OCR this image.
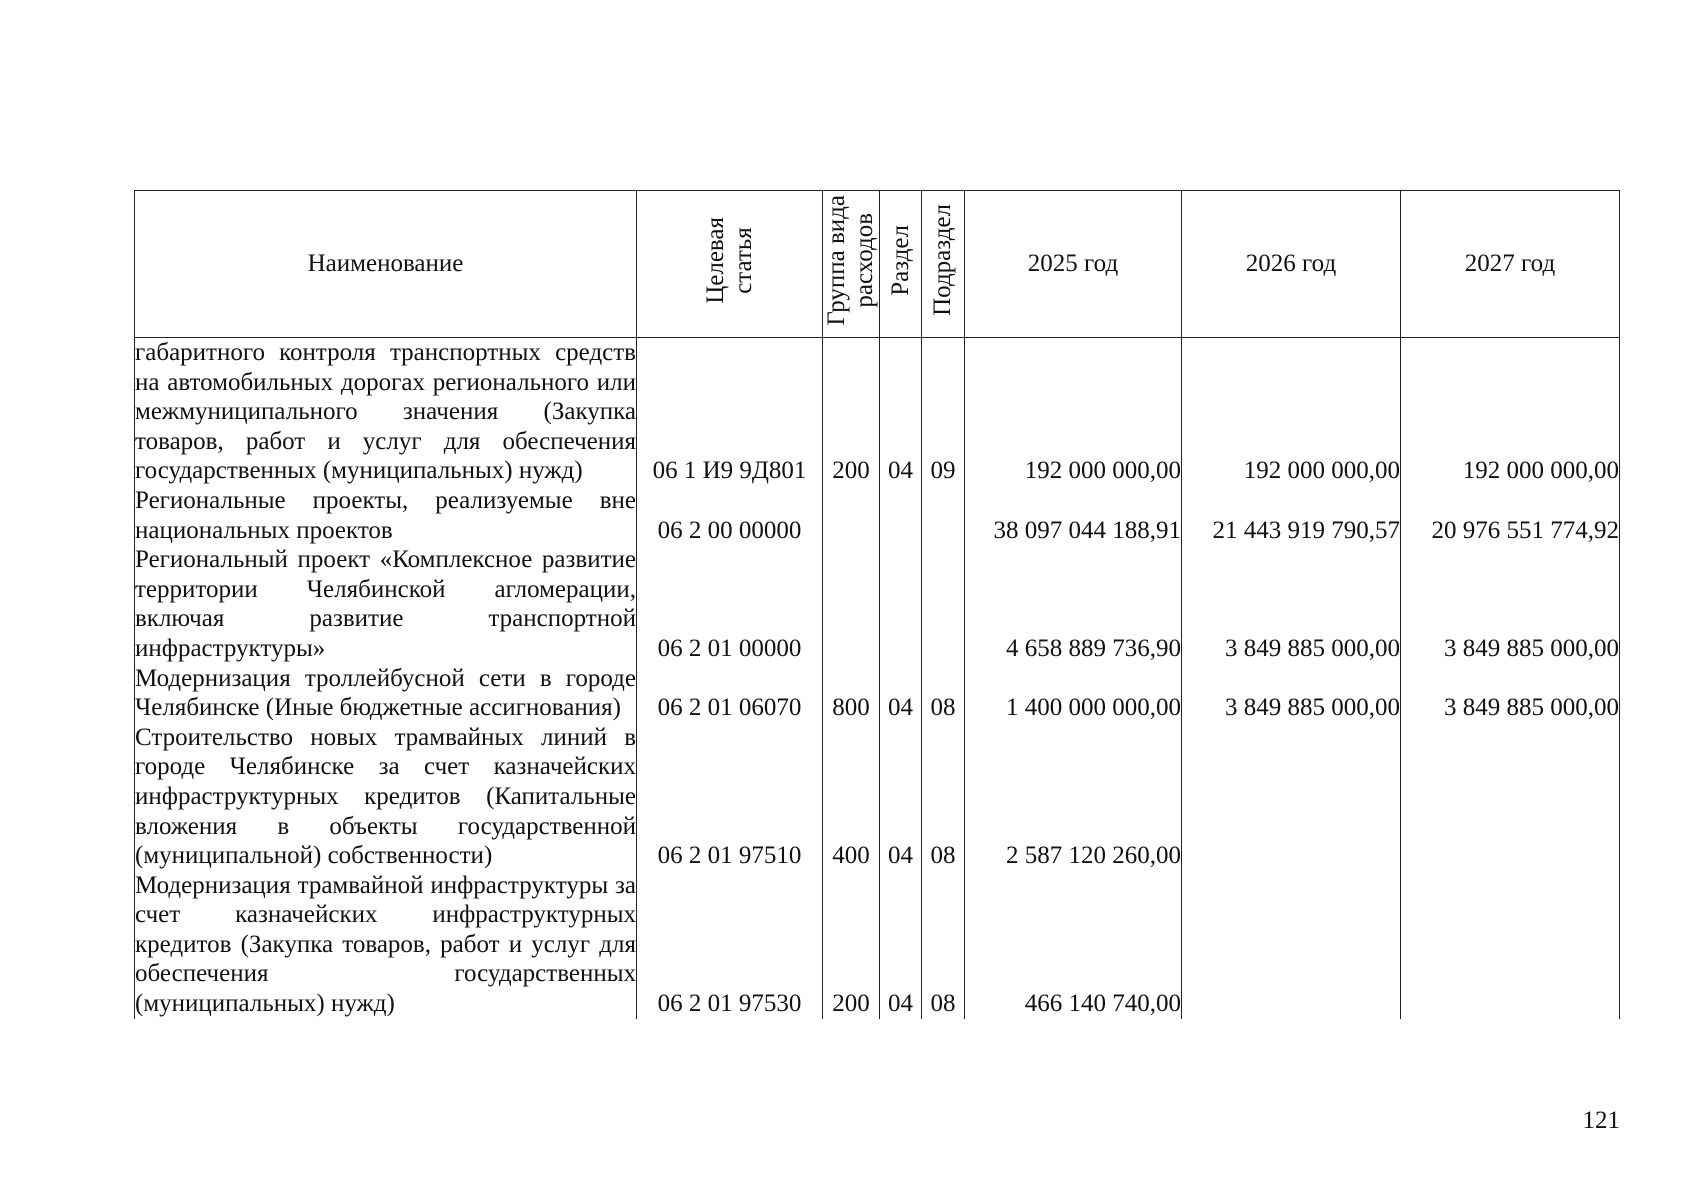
Наименование	Целевая статья	Группа вида расходов	Раздел	Подраздел	2025 год	2026 год	2027 год
габаритного контроля транспортных средств на автомобильных дорогах регионального или межмуниципального значения (Закупка товаров, работ и услуг для обеспечения государственных (муниципальных) нужд)	06 1 И9 9Д801	200	04	09	192 000 000,00	192 000 000,00	192 000 000,00
Региональные проекты, реализуемые вне национальных проектов	06 2 00 00000				38 097 044 188,91	21 443 919 790,57	20 976 551 774,92
Региональный проект «Комплексное развитие территории Челябинской агломерации, включая развитие транспортной инфраструктуры»	06 2 01 00000				4 658 889 736,90	3 849 885 000,00	3 849 885 000,00
Модернизация троллейбусной сети в городе Челябинске (Иные бюджетные ассигнования)	06 2 01 06070	800	04	08	1 400 000 000,00	3 849 885 000,00	3 849 885 000,00
Строительство новых трамвайных линий в городе Челябинске за счет казначейских инфраструктурных кредитов (Капитальные вложения в объекты государственной (муниципальной) собственности)	06 2 01 97510	400	04	08	2 587 120 260,00		
Модернизация трамвайной инфраструктуры за счет казначейских инфраструктурных кредитов (Закупка товаров, работ и услуг для обеспечения государственных (муниципальных) нужд)	06 2 01 97530	200	04	08	466 140 740,00		
121
